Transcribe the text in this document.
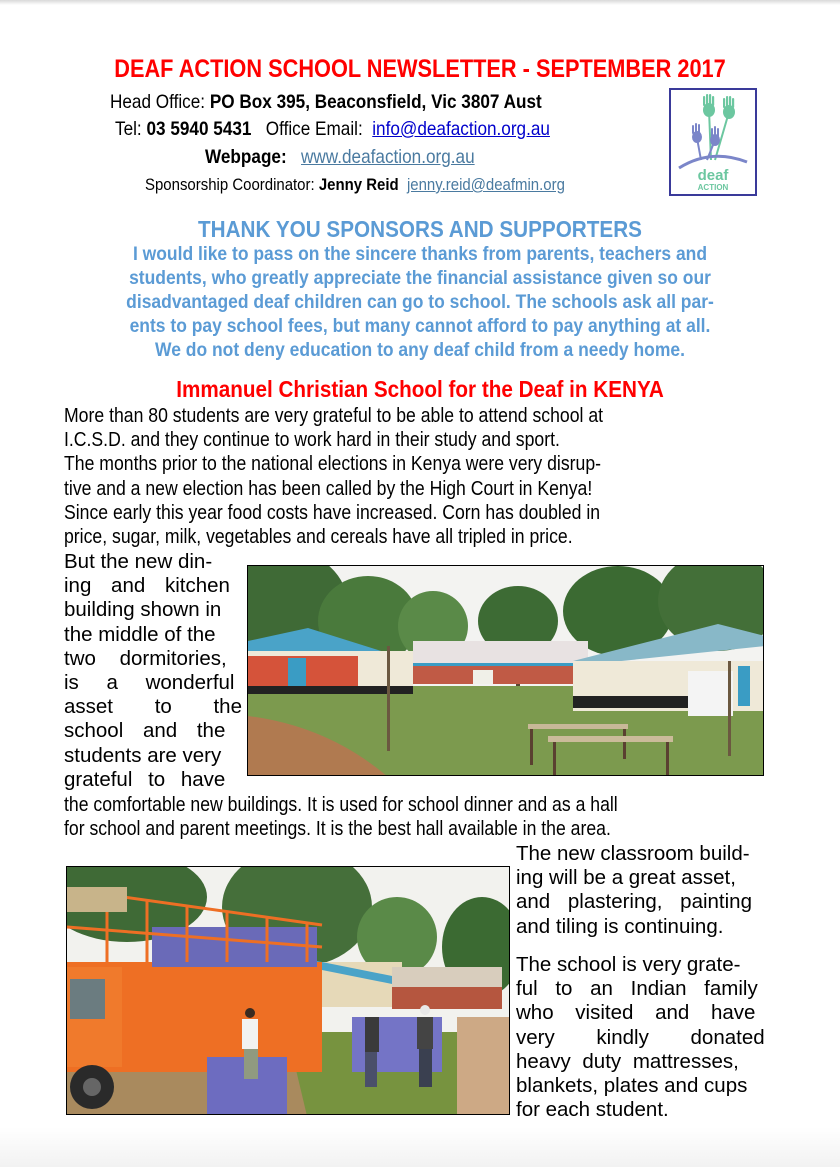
DEAF ACTION SCHOOL NEWSLETTER - SEPTEMBER 2017
Head Office: PO Box 395, Beaconsfield, Vic 3807 Aust
Tel: 03 5940 5431   Office Email:  info@deafaction.org.au
Webpage: www.deafaction.org.au
Sponsorship Coordinator: Jenny Reid jenny.reid@deafmin.org	deaf
ACTION
THANK YOU SPONSORS AND SUPPORTERS
I would like to pass on the sincere thanks from parents, teachers and
students, who greatly appreciate the financial assistance given so our
disadvantaged deaf children can go to school. The schools ask all par-
ents to pay school fees, but many cannot afford to pay anything at all.
We do not deny education to any deaf child from a needy home.
Immanuel Christian School for the Deaf in KENYA
More than 80 students are very grateful to be able to attend school at
I.C.S.D. and they continue to work hard in their study and sport.
The months prior to the national elections in Kenya were very disrup-
tive and a new election has been called by the High Court in Kenya!
Since early this year food costs have increased. Corn has doubled in
price, sugar, milk, vegetables and cereals have all tripled in price.
But the new din-
ing and kitchen
building shown in
the middle of the
two dormitories,
is a wonderful
asset to the
school and the
students are very
grateful to have
the comfortable new buildings. It is used for school dinner and as a hall
for school and parent meetings. It is the best hall available in the area.
The new classroom build-
ing will be a great asset,
and plastering, painting
and tiling is continuing.
The school is very grate-
ful to an Indian family
who visited and have
very kindly donated
heavy duty mattresses,
blankets, plates and cups
for each student.
